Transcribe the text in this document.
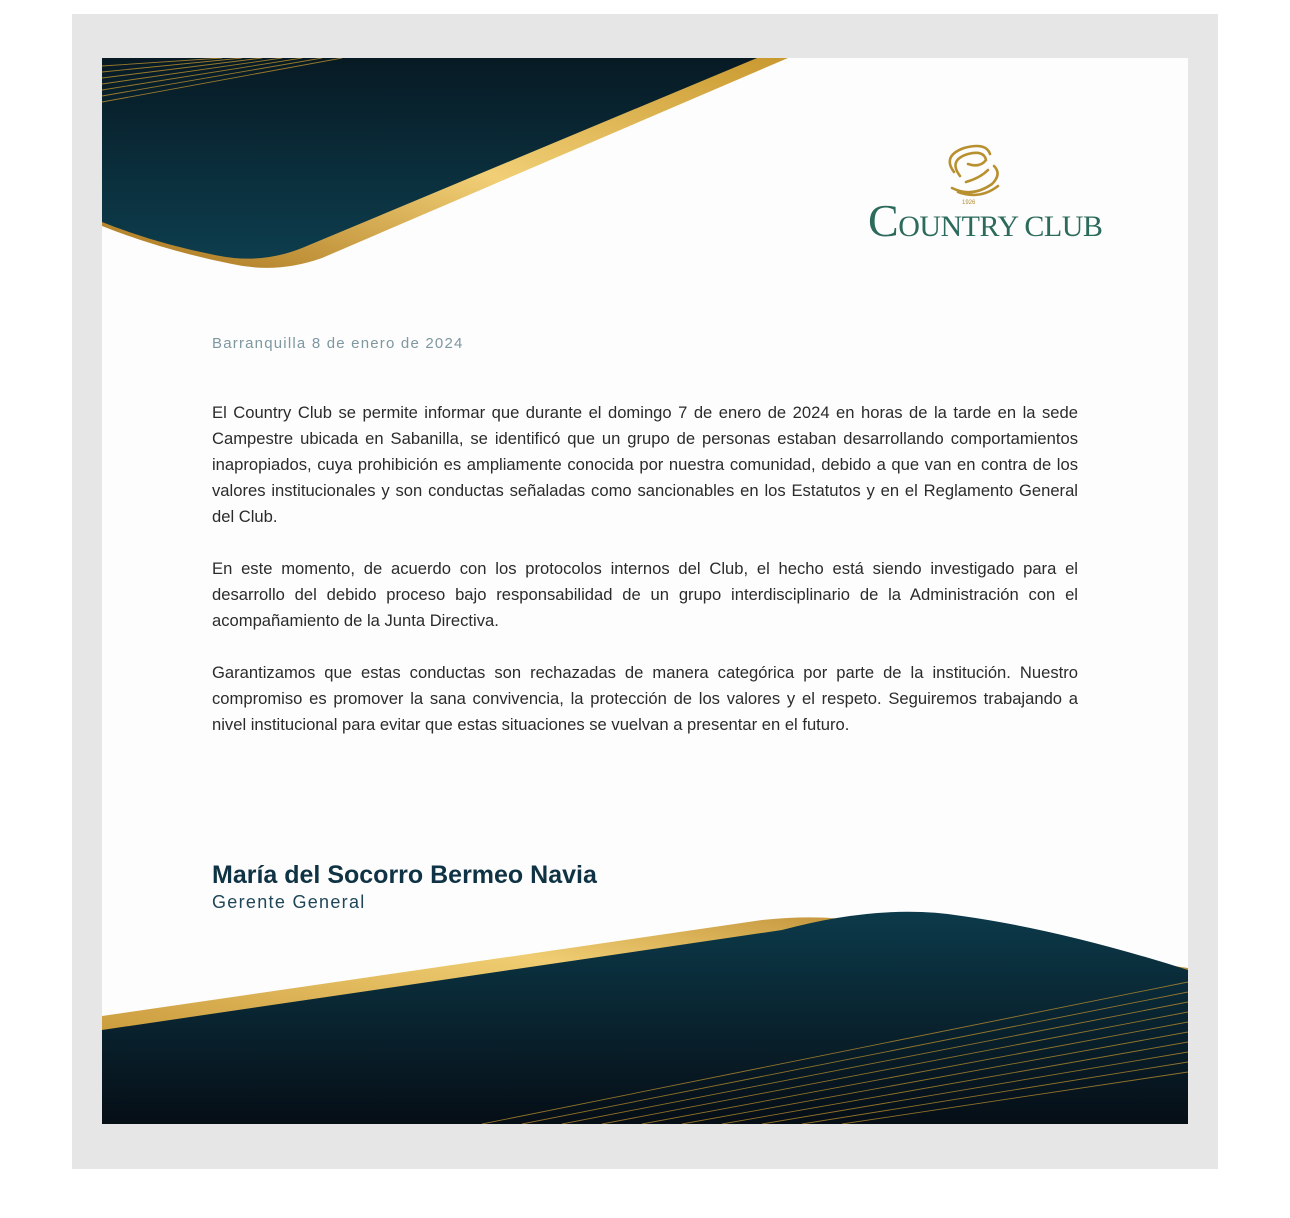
1926
COUNTRY CLUB
Barranquilla 8 de enero de 2024

El Country Club se permite informar que durante el domingo 7 de enero de 2024 en horas de la tarde en la sede Campestre ubicada en Sabanilla, se identificó que un grupo de personas estaban desarrollando comportamientos inapropiados, cuya prohibición es ampliamente conocida por nuestra comunidad, debido a que van en contra de los valores institucionales y son conductas señaladas como sancionables en los Estatutos y en el Reglamento General del Club.

En este momento, de acuerdo con los protocolos internos del Club, el hecho está siendo investigado para el desarrollo del debido proceso bajo responsabilidad de un grupo interdisciplinario de la Administración con el acompañamiento de la Junta Directiva.

Garantizamos que estas conductas son rechazadas de manera categórica por parte de la institución. Nuestro compromiso es promover la sana convivencia, la protección de los valores y el respeto. Seguiremos trabajando a nivel institucional para evitar que estas situaciones se vuelvan a presentar en el futuro.

María del Socorro Bermeo Navia
Gerente General
